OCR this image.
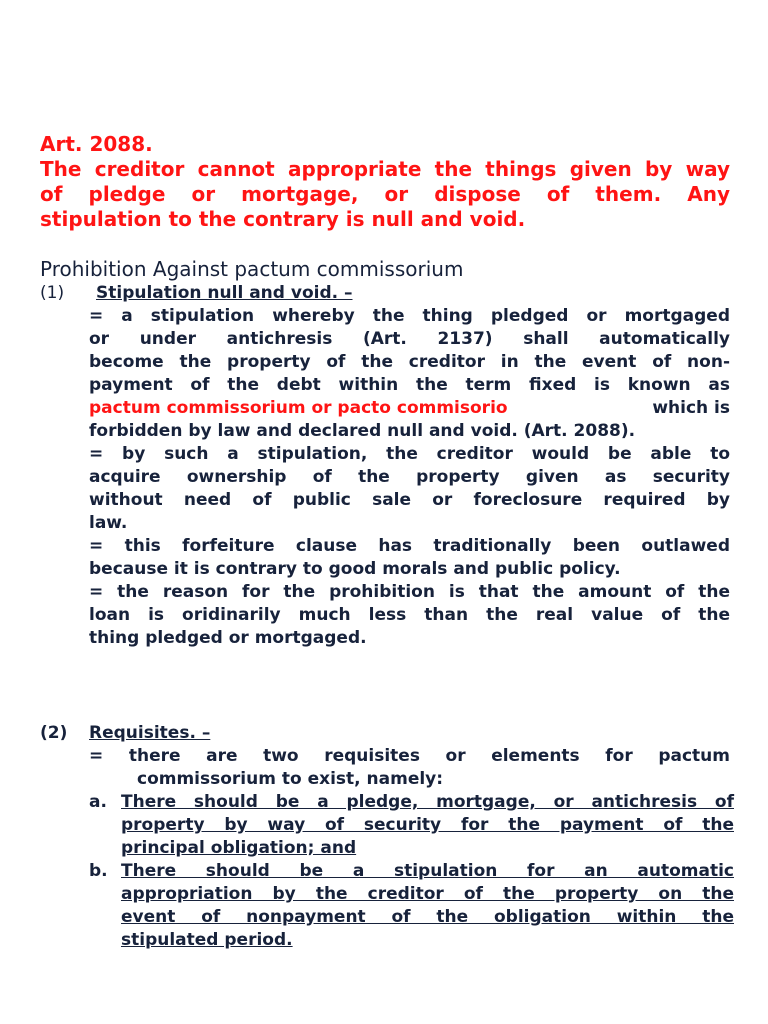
Art. 2088.
The creditor cannot appropriate the things given by way
of pledge or mortgage, or dispose of them. Any
stipulation to the contrary is null and void.
Prohibition Against pactum commissorium
(1) Stipulation null and void. –
= a stipulation whereby the thing pledged or mortgaged
or under antichresis (Art. 2137) shall automatically
become the property of the creditor in the event of non-
payment of the debt within the term fixed is known as
pactum commissorium or pacto commisorio	which is
forbidden by law and declared null and void. (Art. 2088).
= by such a stipulation, the creditor would be able to
acquire ownership of the property given as security
without need of public sale or foreclosure required by
law.
= this forfeiture clause has traditionally been outlawed
because it is contrary to good morals and public policy.
= the reason for the prohibition is that the amount of the
loan is oridinarily much less than the real value of the
thing pledged or mortgaged.
(2) Requisites. –
= there are two requisites or elements for pactum
commissorium to exist, namely:
a. There should be a pledge, mortgage, or antichresis of
property by way of security for the payment of the
principal obligation; and
b. There should be a stipulation for an automatic
appropriation by the creditor of the property on the
event of nonpayment of the obligation within the
stipulated period.
